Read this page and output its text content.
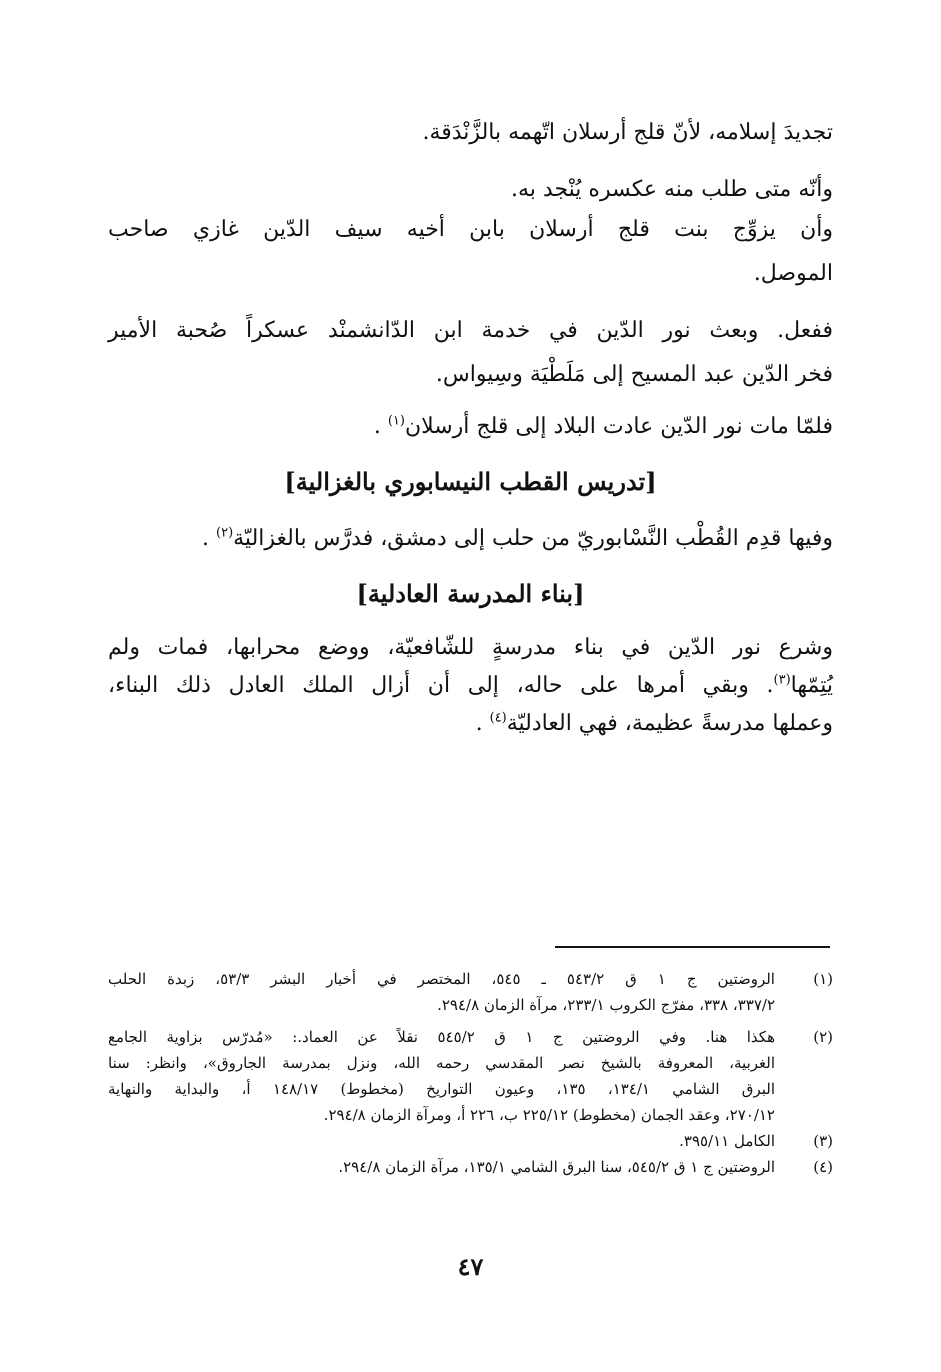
تجديدَ إسلامه، لأنّ قلج أرسلان اتّهمه بالزَّنْدَقة.
وأنّه متى طلب منه عكسره يُنْجد به.
وأن يزوِّج بنت قلج أرسلان بابن أخيه سيف الدّين غازي صاحب
الموصل.
ففعل. وبعث نور الدّين في خدمة ابن الدّانشمنْد عسكراً صُحبة الأمير
فخر الدّين عبد المسيح إلى مَلَطْيَة وسِيواس.
فلمّا مات نور الدّين عادت البلاد إلى قلج أرسلان$^{(١)}$ .
[تدريس القطب النيسابوري بالغزالية]
وفيها قدِم القُطْب النَّسْابوريّ من حلب إلى دمشق، فدرَّس بالغزاليّة$^{(٢)}$ .
[بناء المدرسة العادلية]
وشرع نور الدّين في بناء مدرسةٍ للشّافعيّة، ووضع محرابها، فمات ولم
يُتِمّها$^{(٣)}$. وبقي أمرها على حاله، إلى أن أزال الملك العادل ذلك البناء،
وعملها مدرسةً عظيمة، فهي العادليّة$^{(٤)}$ .
(١)
الروضتين ج ١ ق ٥٤٣/٢ ـ ٥٤٥، المختصر في أخبار البشر ٥٣/٣، زبدة الحلب
٣٣٧/٢، ٣٣٨، مفرّج الكروب ٢٣٣/١، مرآة الزمان ٢٩٤/٨.
(٢)
هكذا هنا. وفي الروضتين ج ١ ق ٥٤٥/٢ نقلاً عن العماد.: «مُدرّس بزاوية الجامع
الغربية، المعروفة بالشيخ نصر المقدسي رحمه الله، ونزل بمدرسة الجاروق»، وانظر: سنا
البرق الشامي ١٣٤/١، ١٣٥، وعيون التواريخ (مخطوط) ١٤٨/١٧ أ، والبداية والنهاية
٢٧٠/١٢، وعقد الجمان (مخطوط) ٢٢٥/١٢ ب، ٢٢٦ أ، ومرآة الزمان ٢٩٤/٨.
(٣)
الكامل ٣٩٥/١١.
(٤)
الروضتين ج ١ ق ٥٤٥/٢، سنا البرق الشامي ١٣٥/١، مرآة الزمان ٢٩٤/٨.
٤٧
